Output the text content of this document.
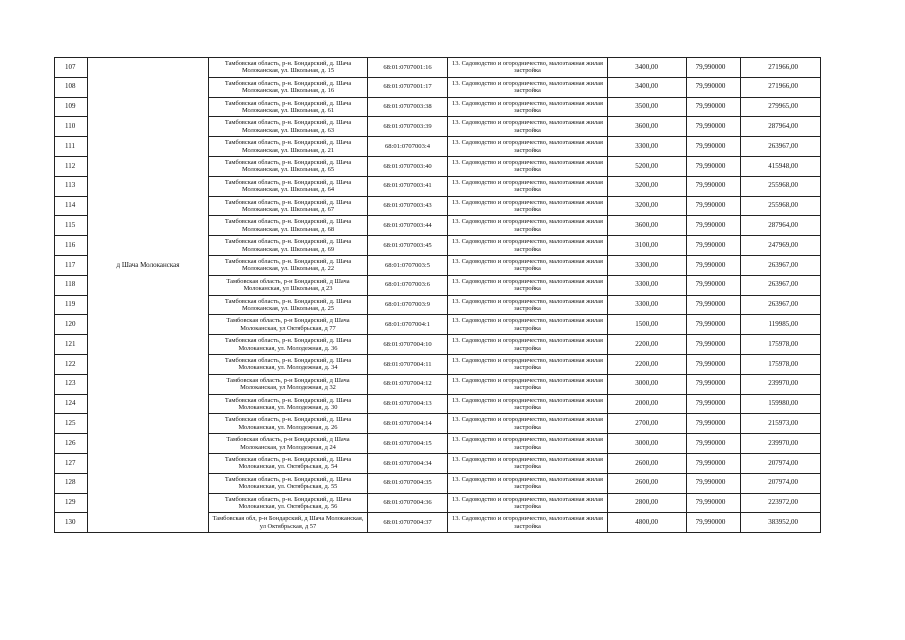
107		Тамбовская область, р-н. Бондарский, д. Шача Молоканская, ул. Школьная, д. 15	68:01:0707001:16	13. Садоводство и огородничество, малоэтажная жилая застройка	3400,00	79,990000	271966,00
108		Тамбовская область, р-н. Бондарский, д. Шача Молоканская, ул. Школьная, д. 16	68:01:0707001:17	13. Садоводство и огородничество, малоэтажная жилая застройка	3400,00	79,990000	271966,00
109		Тамбовская область, р-н. Бондарский, д. Шача Молоканская, ул. Школьная, д. 61	68:01:0707003:38	13. Садоводство и огородничество, малоэтажная жилая застройка	3500,00	79,990000	279965,00
110		Тамбовская область, р-н. Бондарский, д. Шача Молоканская, ул. Школьная, д. 63	68:01:0707003:39	13. Садоводство и огородничество, малоэтажная жилая застройка	3600,00	79,990000	287964,00
111		Тамбовская область, р-н. Бондарский, д. Шача Молоканская, ул. Школьная, д. 21	68:01:0707003:4	13. Садоводство и огородничество, малоэтажная жилая застройка	3300,00	79,990000	263967,00
112		Тамбовская область, р-н. Бондарский, д. Шача Молоканская, ул. Школьная, д. 65	68:01:0707003:40	13. Садоводство и огородничество, малоэтажная жилая застройка	5200,00	79,990000	415948,00
113		Тамбовская область, р-н. Бондарский, д. Шача Молоканская, ул. Школьная, д. 64	68:01:0707003:41	13. Садоводство и огородничество, малоэтажная жилая застройка	3200,00	79,990000	255968,00
114		Тамбовская область, р-н. Бондарский, д. Шача Молоканская, ул. Школьная, д. 67	68:01:0707003:43	13. Садоводство и огородничество, малоэтажная жилая застройка	3200,00	79,990000	255968,00
115		Тамбовская область, р-н. Бондарский, д. Шача Молоканская, ул. Школьная, д. 68	68:01:0707003:44	13. Садоводство и огородничество, малоэтажная жилая застройка	3600,00	79,990000	287964,00
116		Тамбовская область, р-н. Бондарский, д. Шача Молоканская, ул. Школьная, д. 69	68:01:0707003:45	13. Садоводство и огородничество, малоэтажная жилая застройка	3100,00	79,990000	247969,00
117	д Шача Молоканская	Тамбовская область, р-н. Бондарский, д. Шача Молоканская, ул. Школьная, д. 22	68:01:0707003:5	13. Садоводство и огородничество, малоэтажная жилая застройка	3300,00	79,990000	263967,00
118		Тамбовская область, р-н Бондарский, д Шача Молоканская, ул Школьная, д 23	68:01:0707003:6	13. Садоводство и огородничество, малоэтажная жилая застройка	3300,00	79,990000	263967,00
119		Тамбовская область, р-н. Бондарский, д. Шача Молоканская, ул. Школьная, д. 25	68:01:0707003:9	13. Садоводство и огородничество, малоэтажная жилая застройка	3300,00	79,990000	263967,00
120		Тамбовская область, р-н Бондарский, д Шача Молоканская, ул Октябрьская, д 77	68:01:0707004:1	13. Садоводство и огородничество, малоэтажная жилая застройка	1500,00	79,990000	119985,00
121		Тамбовская область, р-н. Бондарский, д. Шача Молоканская, ул. Молодежная, д. 36	68:01:0707004:10	13. Садоводство и огородничество, малоэтажная жилая застройка	2200,00	79,990000	175978,00
122		Тамбовская область, р-н. Бондарский, д. Шача Молоканская, ул. Молодежная, д. 34	68:01:0707004:11	13. Садоводство и огородничество, малоэтажная жилая застройка	2200,00	79,990000	175978,00
123		Тамбовская область, р-н Бондарский, д Шача Молоканская, ул Молодежная, д 32	68:01:0707004:12	13. Садоводство и огородничество, малоэтажная жилая застройка	3000,00	79,990000	239970,00
124		Тамбовская область, р-н. Бондарский, д. Шача Молоканская, ул. Молодежная, д. 30	68:01:0707004:13	13. Садоводство и огородничество, малоэтажная жилая застройка	2000,00	79,990000	159980,00
125		Тамбовская область, р-н. Бондарский, д. Шача Молоканская, ул. Молодежная, д. 26	68:01:0707004:14	13. Садоводство и огородничество, малоэтажная жилая застройка	2700,00	79,990000	215973,00
126		Тамбовская область, р-н Бондарский, д Шача Молоканская, ул Молодежная, д 24	68:01:0707004:15	13. Садоводство и огородничество, малоэтажная жилая застройка	3000,00	79,990000	239970,00
127		Тамбовская область, р-н. Бондарский, д. Шача Молоканская, ул. Октябрьская, д. 54	68:01:0707004:34	13. Садоводство и огородничество, малоэтажная жилая застройка	2600,00	79,990000	207974,00
128		Тамбовская область, р-н. Бондарский, д. Шача Молоканская, ул. Октябрьская, д. 55	68:01:0707004:35	13. Садоводство и огородничество, малоэтажная жилая застройка	2600,00	79,990000	207974,00
129		Тамбовская область, р-н. Бондарский, д. Шача Молоканская, ул. Октябрьская, д. 56	68:01:0707004:36	13. Садоводство и огородничество, малоэтажная жилая застройка	2800,00	79,990000	223972,00
130		Тамбовская обл, р-н Бондарский, д Шача Молоканская, ул Октябрьская, д 57	68:01:0707004:37	13. Садоводство и огородничество, малоэтажная жилая застройка	4800,00	79,990000	383952,00
